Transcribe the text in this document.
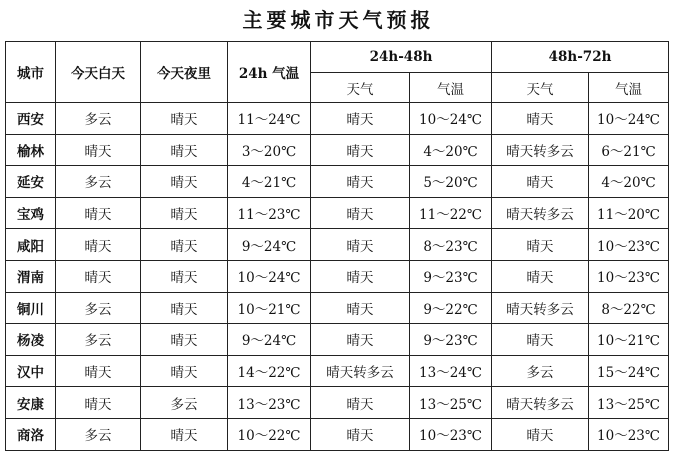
主要城市天气预报
城市	今天白天	今天夜里	24h 气温	24h-48h		48h-72h	
				天气	气温	天气	气温
西安	多云	晴天	11～24℃	晴天	10～24℃	晴天	10～24℃
榆林	晴天	晴天	3～20℃	晴天	4～20℃	晴天转多云	6～21℃
延安	多云	晴天	4～21℃	晴天	5～20℃	晴天	4～20℃
宝鸡	晴天	晴天	11～23℃	晴天	11～22℃	晴天转多云	11～20℃
咸阳	晴天	晴天	9～24℃	晴天	8～23℃	晴天	10～23℃
渭南	晴天	晴天	10～24℃	晴天	9～23℃	晴天	10～23℃
铜川	多云	晴天	10～21℃	晴天	9～22℃	晴天转多云	8～22℃
杨凌	多云	晴天	9～24℃	晴天	9～23℃	晴天	10～21℃
汉中	晴天	晴天	14～22℃	晴天转多云	13～24℃	多云	15～24℃
安康	晴天	多云	13～23℃	晴天	13～25℃	晴天转多云	13～25℃
商洛	多云	晴天	10～22℃	晴天	10～23℃	晴天	10～23℃
